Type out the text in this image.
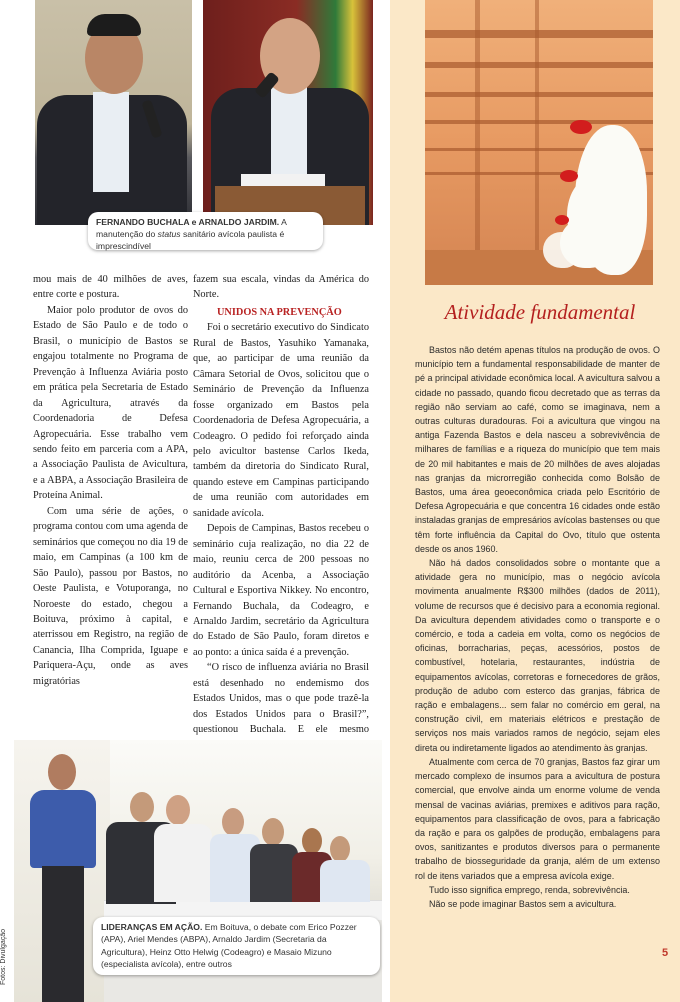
FERNANDO BUCHALA e ARNALDO JARDIM. A manutenção do status sanitário avícola paulista é imprescindível

mou mais de 40 milhões de aves, entre corte e postura.

Maior polo produtor de ovos do Estado de São Paulo e de todo o Brasil, o município de Bastos se engajou totalmente no Programa de Prevenção à Influenza Aviária posto em prática pela Secretaria de Estado da Agricultura, através da Coordenadoria de Defesa Agropecuária. Esse trabalho vem sendo feito em parceria com a APA, a Associação Paulista de Avicultura, e a ABPA, a Associação Brasileira de Proteína Animal.

Com uma série de ações, o programa contou com uma agenda de seminários que começou no dia 19 de maio, em Campinas (a 100 km de São Paulo), passou por Bastos, no Oeste Paulista, e Votuporanga, no Noroeste do estado, chegou a Boituva, próximo à capital, e aterrissou em Registro, na região de Canancia, Ilha Comprida, Iguape e Pariquera-Açu, onde as aves migratórias

fazem sua escala, vindas da América do Norte.

UNIDOS NA PREVENÇÃO

Foi o secretário executivo do Sindicato Rural de Bastos, Yasuhiko Yamanaka, que, ao participar de uma reunião da Câmara Setorial de Ovos, solicitou que o Seminário de Prevenção da Influenza fosse organizado em Bastos pela Coordenadoria de Defesa Agropecuária, a Codeagro. O pedido foi reforçado ainda pelo avicultor bastense Carlos Ikeda, também da diretoria do Sindicato Rural, quando esteve em Campinas participando de uma reunião com autoridades em sanidade avícola.

Depois de Campinas, Bastos recebeu o seminário cuja realização, no dia 22 de maio, reuniu cerca de 200 pessoas no auditório da Acenba, a Associação Cultural e Esportiva Nikkey. No encontro, Fernando Buchala, da Codeagro, e Arnaldo Jardim, secretário da Agricultura do Estado de São Paulo, foram diretos e ao ponto: a única saída é a prevenção.

“O risco de influenza aviária no Brasil está desenhado no endemismo dos Estados Unidos, mas o que pode trazê-la dos Estados Unidos para o Brasil?”, questionou Buchala. E ele mesmo

LIDERANÇAS EM AÇÃO. Em Boituva, o debate com Erico Pozzer (APA), Ariel Mendes (ABPA), Arnaldo Jardim (Secretaria da Agricultura), Heinz Otto Helwig (Codeagro) e Masaio Mizuno (especialista avícola), entre outros
Fotos: Divulgação
Atividade fundamental

Bastos não detém apenas títulos na produção de ovos. O município tem a fundamental responsabilidade de manter de pé a principal atividade econômica local. A avicultura salvou a cidade no passado, quando ficou decretado que as terras da região não serviam ao café, como se imaginava, nem a outras culturas duradouras. Foi a avicultura que vingou na antiga Fazenda Bastos e dela nasceu a sobrevivência de milhares de famílias e a riqueza do município que tem mais de 20 mil habitantes e mais de 20 milhões de aves alojadas nas granjas da microrregião conhecida como Bolsão de Bastos, uma área geoeconômica criada pelo Escritório de Defesa Agropecuária e que concentra 16 cidades onde estão instaladas granjas de empresários avícolas bastenses ou que têm forte influência da Capital do Ovo, título que ostenta desde os anos 1960.

Não há dados consolidados sobre o montante que a atividade gera no município, mas o negócio avícola movimenta anualmente R$300 milhões (dados de 2011), volume de recursos que é decisivo para a economia regional. Da avicultura dependem atividades como o transporte e o comércio, e toda a cadeia em volta, como os negócios de oficinas, borracharias, peças, acessórios, postos de combustível, hotelaria, restaurantes, indústria de equipamentos avícolas, corretoras e fornecedores de grãos, produção de adubo com esterco das granjas, fábrica de ração e embalagens... sem falar no comércio em geral, na construção civil, em materiais elétricos e prestação de serviços nos mais variados ramos de negócio, sejam eles direta ou indiretamente ligados ao atendimento às granjas.

Atualmente com cerca de 70 granjas, Bastos faz girar um mercado complexo de insumos para a avicultura de postura comercial, que envolve ainda um enorme volume de venda mensal de vacinas aviárias, premixes e aditivos para ração, equipamentos para classificação de ovos, para a fabricação da ração e para os galpões de produção, embalagens para ovos, sanitizantes e produtos diversos para o permanente trabalho de biosseguridade da granja, além de um extenso rol de itens variados que a empresa avícola exige.

Tudo isso significa emprego, renda, sobrevivência.

Não se pode imaginar Bastos sem a avicultura.

5
